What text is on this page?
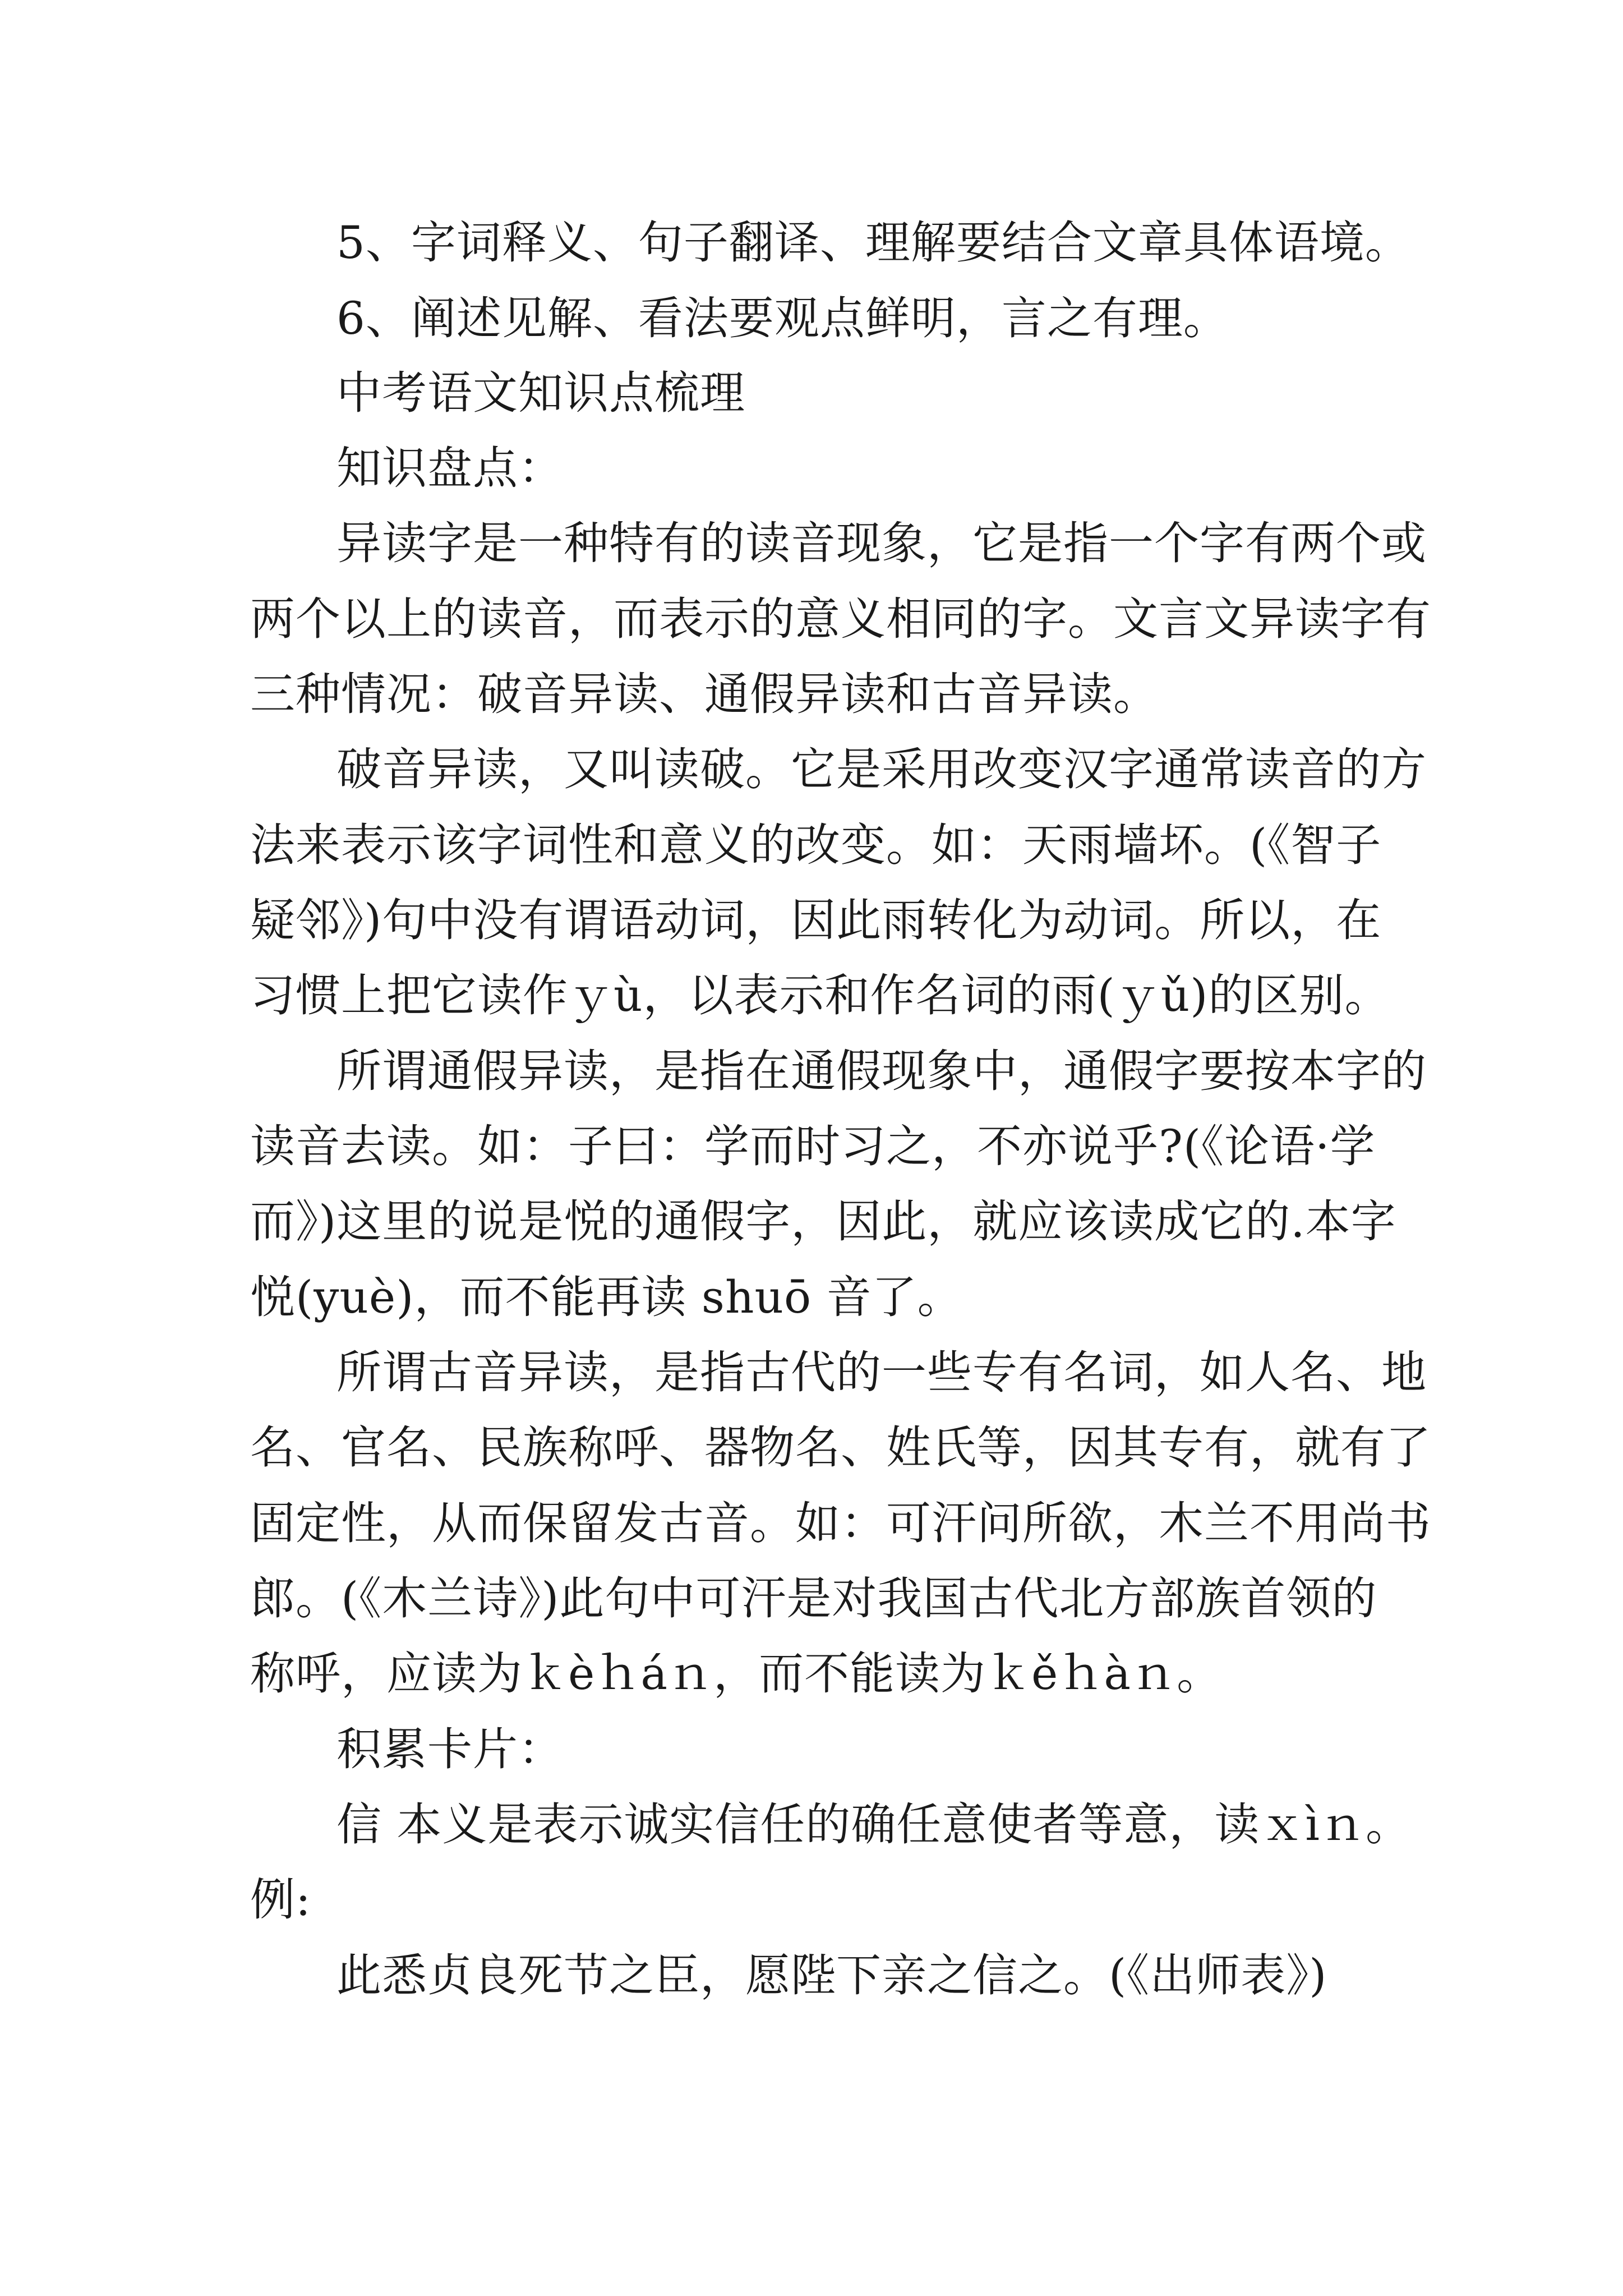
5、字词释义、句子翻译、理解要结合文章具体语境。
6、阐述见解、看法要观点鲜明，言之有理。
中考语文知识点梳理
知识盘点：
异读字是一种特有的读音现象，它是指一个字有两个或
两个以上的读音，而表示的意义相同的字。文言文异读字有
三种情况：破音异读、通假异读和古音异读。
破音异读，又叫读破。它是采用改变汉字通常读音的方
法来表示该字词性和意义的改变。如：天雨墙坏。(《智子
疑邻》)句中没有谓语动词，因此雨转化为动词。所以，在
习惯上把它读作ｙù，以表示和作名词的雨(ｙǔ)的区别。
所谓通假异读，是指在通假现象中，通假字要按本字的
读音去读。如：子曰：学而时习之，不亦说乎?(《论语·学
而》)这里的说是悦的通假字，因此，就应该读成它的.本字
悦(yuè)，而不能再读 shuō 音了。
所谓古音异读，是指古代的一些专有名词，如人名、地
名、官名、民族称呼、器物名、姓氏等，因其专有，就有了
固定性，从而保留发古音。如：可汗问所欲，木兰不用尚书
郎。(《木兰诗》)此句中可汗是对我国古代北方部族首领的
称呼，应读为ｋèｈáｎ，而不能读为ｋěｈàｎ。
积累卡片：
信 本义是表示诚实信任的确任意使者等意，读ｘìｎ。
例:
此悉贞良死节之臣，愿陛下亲之信之。(《出师表》)
